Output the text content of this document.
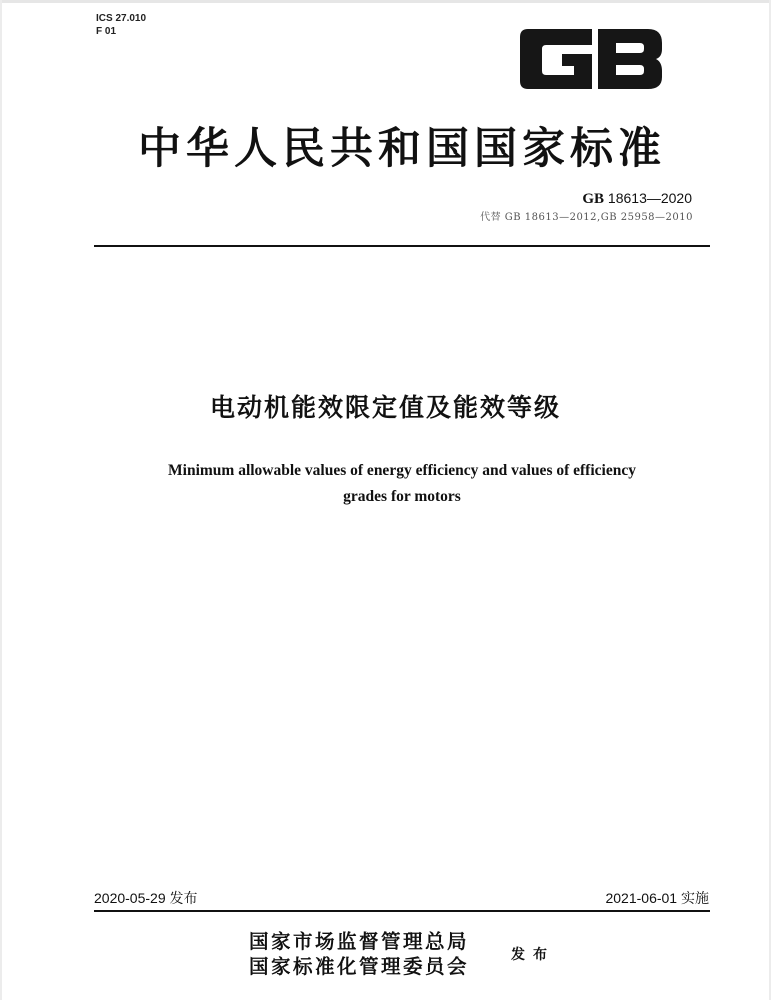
ICS 27.010
F 01
中华人民共和国国家标准
GB 18613—2020
代替 GB 18613—2012,GB 25958—2010
电动机能效限定值及能效等级
Minimum allowable values of energy efficiency and values of efficiency
grades for motors
2020-05-29 发布	2021-06-01 实施
国家市场监督管理总局
国家标准化管理委员会	发布
